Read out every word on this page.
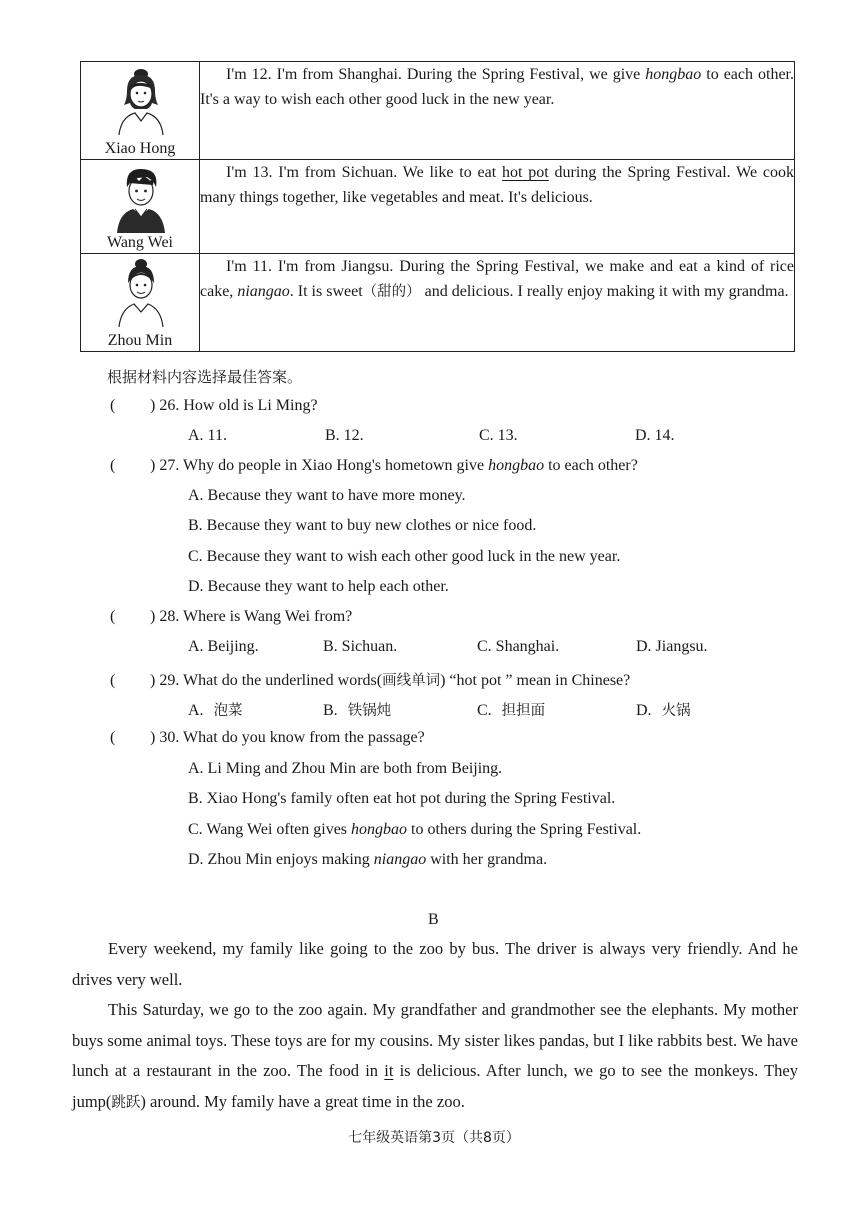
Xiao Hong	I'm 12. I'm from Shanghai. During the Spring Festival, we give hongbao to each other. It's a way to wish each other good luck in the new year.

Wang Wei	I'm 13. I'm from Sichuan. We like to eat hot pot during the Spring Festival. We cook many things together, like vegetables and meat. It's delicious.

Zhou Min	I'm 11. I'm from Jiangsu. During the Spring Festival, we make and eat a kind of rice cake, niangao. It is sweet（甜的） and delicious. I really enjoy making it with my grandma.
根据材料内容选择最佳答案。
( ) 26. How old is Li Ming?
A. 11.	B. 12.	C. 13.	D. 14.
( ) 27. Why do people in Xiao Hong's hometown give hongbao to each other?
A. Because they want to have more money.
B. Because they want to buy new clothes or nice food.
C. Because they want to wish each other good luck in the new year.
D. Because they want to help each other.
( ) 28. Where is Wang Wei from?
A. Beijing.	B. Sichuan.	C. Shanghai.	D. Jiangsu.
( ) 29. What do the underlined words(画线单词) “hot pot ” mean in Chinese?
A. 泡菜	B. 铁锅炖	C. 担担面	D. 火锅
( ) 30. What do you know from the passage?
A. Li Ming and Zhou Min are both from Beijing.
B. Xiao Hong's family often eat hot pot during the Spring Festival.
C. Wang Wei often gives hongbao to others during the Spring Festival.
D. Zhou Min enjoys making niangao with her grandma.
B
Every weekend, my family like going to the zoo by bus. The driver is always very friendly. And he drives very well.
This Saturday, we go to the zoo again. My grandfather and grandmother see the elephants. My mother buys some animal toys. These toys are for my cousins. My sister likes pandas, but I like rabbits best. We have lunch at a restaurant in the zoo. The food in it is delicious. After lunch, we go to see the monkeys. They jump(跳跃) around. My family have a great time in the zoo.
七年级英语第3页（共8页）
